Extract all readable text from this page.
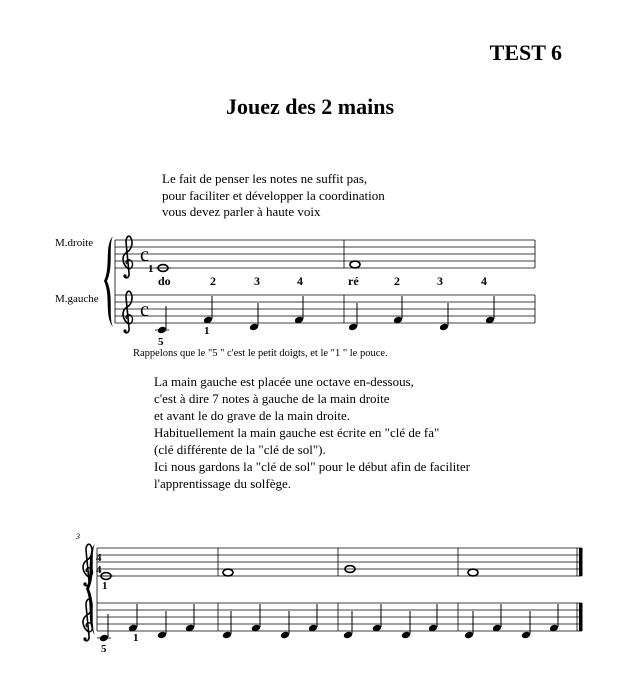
TEST 6
Jouez des 2 mains
Le fait de penser les notes ne suffit pas,
pour faciliter et développer la coordination
vous devez parler à haute voix
M.droite
M.gauche
Rappelons que le "5 " c'est le petit doigts, et le "1 " le pouce.
La main gauche est placée une octave en-dessous,
c'est à dire 7 notes à gauche de la main droite
et avant le do grave de la main droite.
Habituellement la main gauche est écrite en "clé de fa"
(clé différente de la "clé de sol").
Ici nous gardons la "clé de sol" pour le début afin de faciliter
l'apprentissage du solfège.
c
c
1
do	2	3	4	ré	2	3	4
5
1
3
4
4
1
5
1
